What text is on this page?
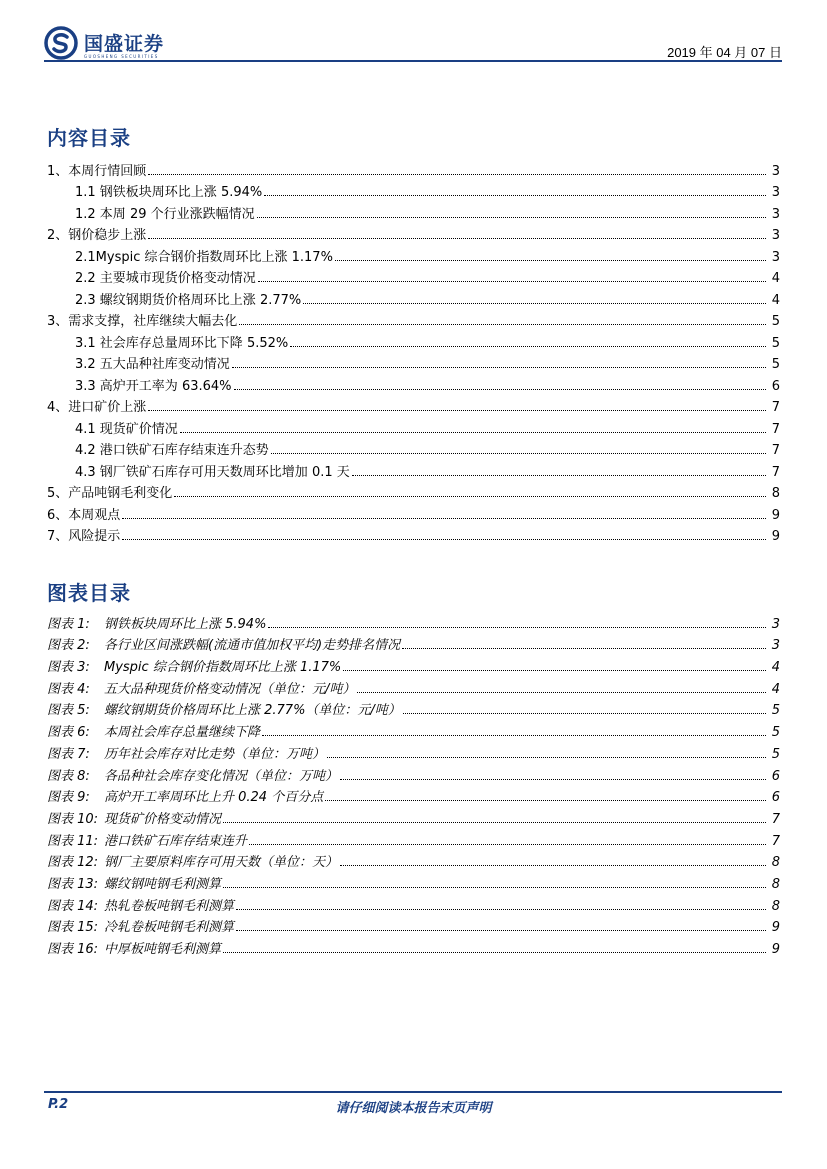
国盛证券
GUOSHENG SECURITIES	2019 年 04 月 07 日
内容目录
1、本周行情回顾	3
1.1 钢铁板块周环比上涨 5.94%	3
1.2 本周 29 个行业涨跌幅情况	3
2、钢价稳步上涨	3
2.1Myspic 综合钢价指数周环比上涨 1.17%	3
2.2 主要城市现货价格变动情况	4
2.3 螺纹钢期货价格周环比上涨 2.77%	4
3、需求支撑，社库继续大幅去化	5
3.1 社会库存总量周环比下降 5.52%	5
3.2 五大品种社库变动情况	5
3.3 高炉开工率为 63.64%	6
4、进口矿价上涨	7
4.1 现货矿价情况	7
4.2 港口铁矿石库存结束连升态势	7
4.3 钢厂铁矿石库存可用天数周环比增加 0.1 天	7
5、产品吨钢毛利变化	8
6、本周观点	9
7、风险提示	9
图表目录
图表 1:	钢铁板块周环比上涨 5.94%	3
图表 2:	各行业区间涨跌幅(流通市值加权平均)走势排名情况	3
图表 3:	Myspic 综合钢价指数周环比上涨 1.17%	4
图表 4:	五大品种现货价格变动情况（单位：元/吨）	4
图表 5:	螺纹钢期货价格周环比上涨 2.77%（单位：元/吨）	5
图表 6:	本周社会库存总量继续下降	5
图表 7:	历年社会库存对比走势（单位：万吨）	5
图表 8:	各品种社会库存变化情况（单位：万吨）	6
图表 9:	高炉开工率周环比上升 0.24 个百分点	6
图表 10: 现货矿价格变动情况	7
图表 11: 港口铁矿石库存结束连升	7
图表 12: 钢厂主要原料库存可用天数（单位：天）	8
图表 13: 螺纹钢吨钢毛利测算	8
图表 14: 热轧卷板吨钢毛利测算	8
图表 15: 冷轧卷板吨钢毛利测算	9
图表 16: 中厚板吨钢毛利测算	9
P.2	请仔细阅读本报告末页声明
